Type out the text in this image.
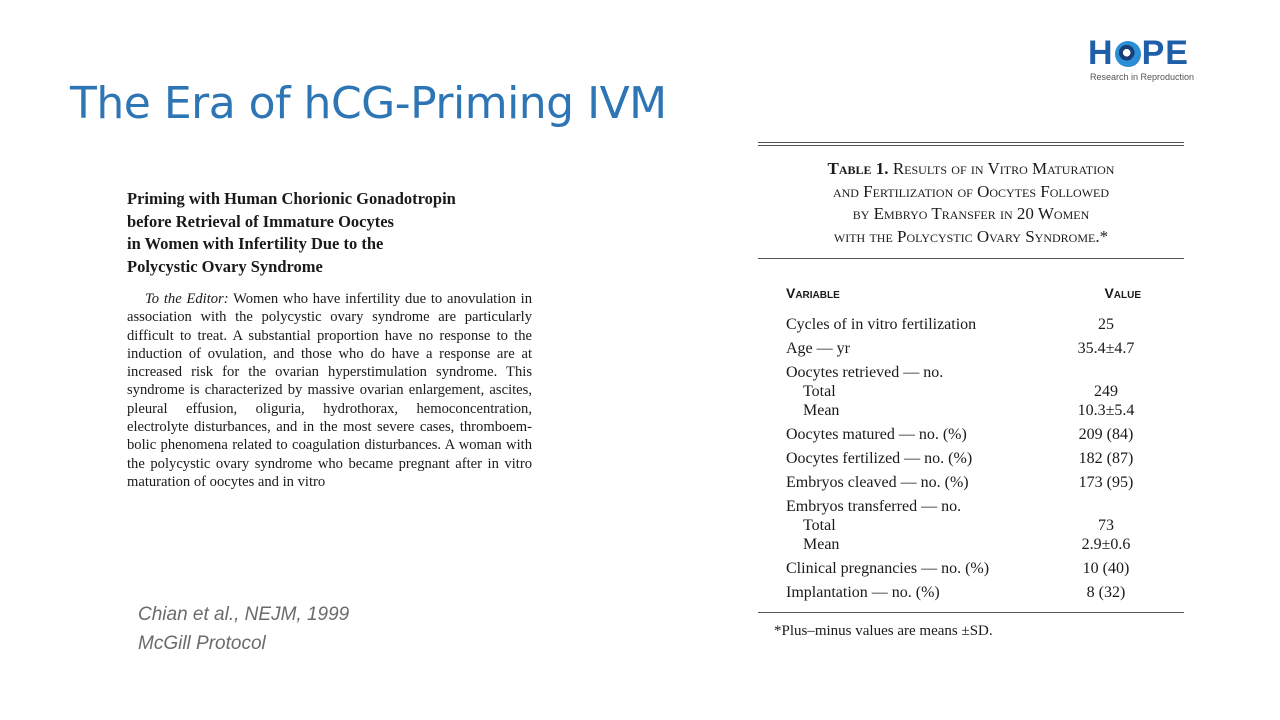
The Era of hCG-Priming IVM
H PE
Research in Reproduction
Priming with Human Chorionic Gonadotropin
before Retrieval of Immature Oocytes
in Women with Infertility Due to the
Polycystic Ovary Syndrome

To the Editor: Women who have infertility due to anovulation in association with the polycystic ovary syndrome are particularly difficult to treat. A substantial proportion have no response to the induction of ovulation, and those who do have a response are at increased risk for the ovarian hyperstimulation syndrome. This syndrome is characterized by massive ovarian enlargement, ascites, pleural effusion, oliguria, hydrothorax, hemoconcentration, electrolyte disturbances, and in the most severe cases, thromboembolic phenomena related to coagulation disturbances. A woman with the polycystic ovary syndrome who became pregnant after in vitro maturation of oocytes and in vitro

Chian et al., NEJM, 1999
McGill Protocol
Table 1. Results of in Vitro Maturation
and Fertilization of Oocytes Followed
by Embryo Transfer in 20 Women
with the Polycystic Ovary Syndrome.*
Variable	Value
Cycles of in vitro fertilization	25
Age — yr	35.4±4.7
Oocytes retrieved — no.
Total	249
Mean	10.3±5.4
Oocytes matured — no. (%)	209 (84)
Oocytes fertilized — no. (%)	182 (87)
Embryos cleaved — no. (%)	173 (95)
Embryos transferred — no.
Total	73
Mean	2.9±0.6
Clinical pregnancies — no. (%)	10 (40)
Implantation — no. (%)	8 (32)
*Plus–minus values are means ±SD.
